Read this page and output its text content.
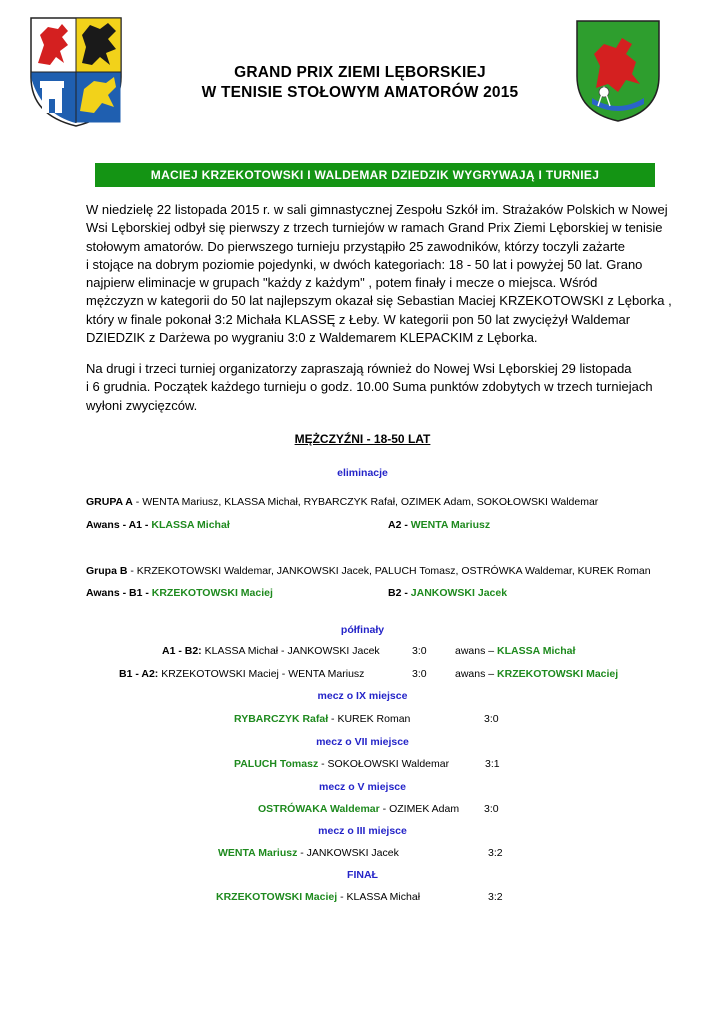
GRAND PRIX ZIEMI LĘBORSKIEJ
W TENISIE STOŁOWYM AMATORÓW 2015
MACIEJ KRZEKOTOWSKI I WALDEMAR DZIEDZIK WYGRYWAJĄ I TURNIEJ
W niedzielę 22 listopada 2015 r. w sali gimnastycznej Zespołu Szkół im. Strażaków Polskich w Nowej
Wsi Lęborskiej odbył się pierwszy z trzech turniejów w ramach Grand Prix Ziemi Lęborskiej w tenisie
stołowym amatorów. Do pierwszego turnieju przystąpiło 25 zawodników, którzy toczyli zażarte
i stojące na dobrym poziomie pojedynki, w dwóch kategoriach: 18 - 50 lat i powyżej 50 lat. Grano
najpierw eliminacje w grupach "każdy z każdym" , potem finały i mecze o miejsca. Wśród
mężczyzn w kategorii do 50 lat najlepszym okazał się Sebastian Maciej KRZEKOTOWSKI z Lęborka ,
który w finale pokonał 3:2 Michała KLASSĘ z Łeby. W kategorii pon 50 lat zwyciężył Waldemar
DZIEDZIK z Darżewa po wygraniu 3:0 z Waldemarem KLEPACKIM z Lęborka.
Na drugi i trzeci turniej organizatorzy zapraszają również do Nowej Wsi Lęborskiej 29 listopada
i 6 grudnia. Początek każdego turnieju o godz. 10.00 Suma punktów zdobytych w trzech turniejach
wyłoni zwycięzców.
MĘŻCZYŹNI - 18-50 LAT
eliminacje
GRUPA A - WENTA Mariusz, KLASSA Michał, RYBARCZYK Rafał, OZIMEK Adam, SOKOŁOWSKI Waldemar
Awans - A1 - KLASSA Michał	A2 - WENTA Mariusz
Grupa B - KRZEKOTOWSKI Waldemar, JANKOWSKI Jacek, PALUCH Tomasz, OSTRÓWKA Waldemar, KUREK Roman
Awans - B1 - KRZEKOTOWSKI Maciej	B2 - JANKOWSKI Jacek
półfinały
A1 - B2: KLASSA Michał - JANKOWSKI Jacek	3:0	awans – KLASSA Michał
B1 - A2: KRZEKOTOWSKI Maciej - WENTA Mariusz	3:0	awans – KRZEKOTOWSKI Maciej
mecz o IX miejsce
RYBARCZYK Rafał - KUREK Roman	3:0
mecz o VII miejsce
PALUCH Tomasz - SOKOŁOWSKI Waldemar	3:1
mecz o V miejsce
OSTRÓWAKA Waldemar - OZIMEK Adam 3:0
mecz o III miejsce
WENTA Mariusz - JANKOWSKI Jacek	3:2
FINAŁ
KRZEKOTOWSKI Maciej - KLASSA Michał	3:2
